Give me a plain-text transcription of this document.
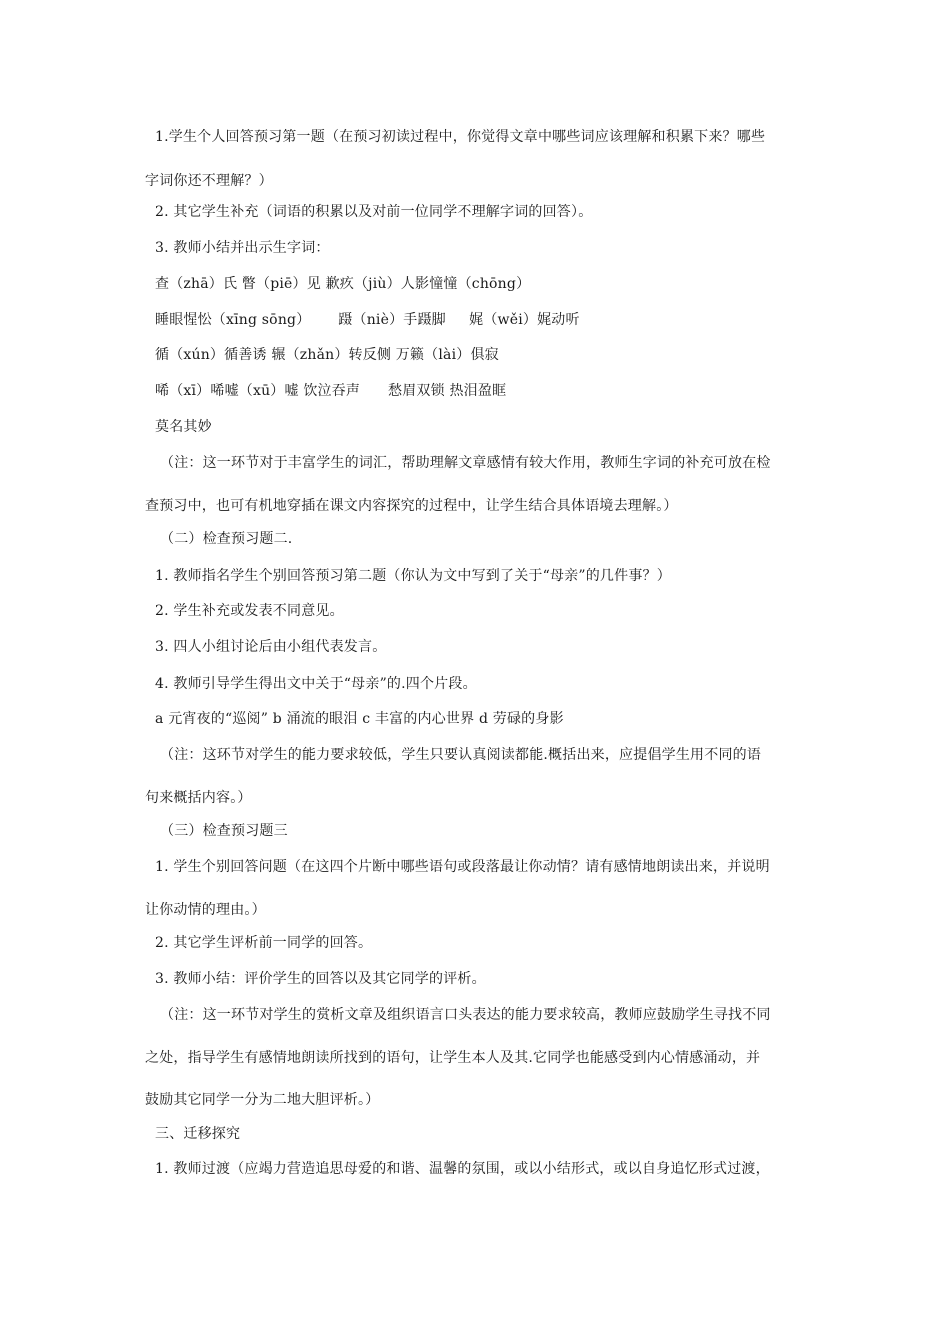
1.学生个人回答预习第一题（在预习初读过程中，你觉得文章中哪些词应该理解和积累下来？哪些
字词你还不理解？）
2. 其它学生补充（词语的积累以及对前一位同学不理解字词的回答）。
3. 教师小结并出示生字词：
查（zhā）氏 瞥（piē）见 歉疚（jiù）人影憧憧（chōng）
睡眼惺忪（xīng sōng）      蹑（niè）手蹑脚     娓（wěi）娓动听
循（xún）循善诱 辗（zhǎn）转反侧 万籁（lài）俱寂
唏（xī）唏嘘（xū）嘘 饮泣吞声      愁眉双锁 热泪盈眶
莫名其妙
（注：这一环节对于丰富学生的词汇，帮助理解文章感情有较大作用，教师生字词的补充可放在检
查预习中，也可有机地穿插在课文内容探究的过程中，让学生结合具体语境去理解。）
（二）检查预习题二.
1. 教师指名学生个别回答预习第二题（你认为文中写到了关于“母亲”的几件事？）
2. 学生补充或发表不同意见。
3. 四人小组讨论后由小组代表发言。
4. 教师引导学生得出文中关于“母亲”的.四个片段。
a 元宵夜的“巡阅” b 涌流的眼泪 c 丰富的内心世界 d 劳碌的身影
（注：这环节对学生的能力要求较低，学生只要认真阅读都能.概括出来，应提倡学生用不同的语
句来概括内容。）
（三）检查预习题三
1. 学生个别回答问题（在这四个片断中哪些语句或段落最让你动情？请有感情地朗读出来，并说明
让你动情的理由。）
2. 其它学生评析前一同学的回答。
3. 教师小结：评价学生的回答以及其它同学的评析。
（注：这一环节对学生的赏析文章及组织语言口头表达的能力要求较高，教师应鼓励学生寻找不同
之处，指导学生有感情地朗读所找到的语句，让学生本人及其.它同学也能感受到内心情感涌动，并
鼓励其它同学一分为二地大胆评析。）
三、迁移探究
1. 教师过渡（应竭力营造追思母爱的和谐、温馨的氛围，或以小结形式，或以自身追忆形式过渡，
